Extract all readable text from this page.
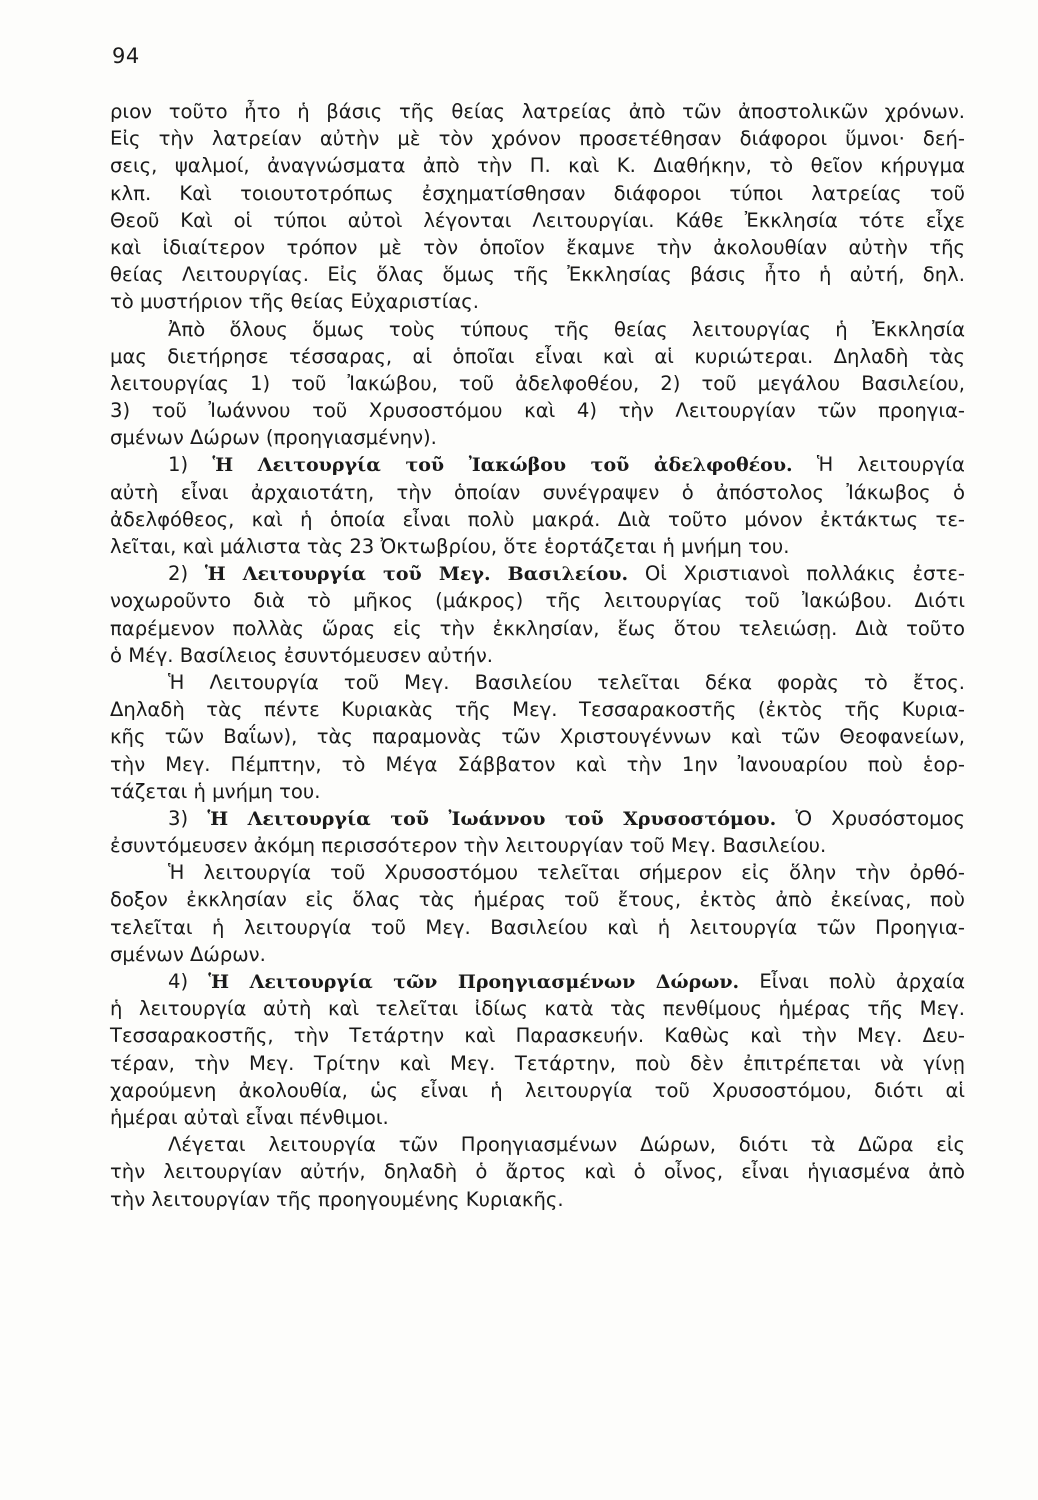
94
ριον τοῦτο ἦτο ἡ βάσις τῆς θείας λατρείας ἀπὸ τῶν ἀποστολικῶν χρόνων.
Εἰς τὴν λατρείαν αὐτὴν μὲ τὸν χρόνον προσετέθησαν διάφοροι ὕμνοι· δεή-
σεις, ψαλμοί, ἀναγνώσματα ἀπὸ τὴν Π. καὶ Κ. Διαθήκην, τὸ θεῖον κήρυγμα
κλπ. Καὶ τοιουτοτρόπως ἐσχηματίσθησαν διάφοροι τύποι λατρείας τοῦ
Θεοῦ Καὶ οἱ τύποι αὐτοὶ λέγονται Λειτουργίαι. Κάθε Ἐκκλησία τότε εἶχε
καὶ ἰδιαίτερον τρόπον μὲ τὸν ὁποῖον ἔκαμνε τὴν ἀκολουθίαν αὐτὴν τῆς
θείας Λειτουργίας. Εἰς ὅλας ὅμως τῆς Ἐκκλησίας βάσις ἦτο ἡ αὐτή, δηλ.
τὸ μυστήριον τῆς θείας Εὐχαριστίας.
Ἀπὸ ὅλους ὅμως τοὺς τύπους τῆς θείας λειτουργίας ἡ Ἐκκλησία
μας διετήρησε τέσσαρας, αἱ ὁποῖαι εἶναι καὶ αἱ κυριώτεραι. Δηλαδὴ τὰς
λειτουργίας 1) τοῦ Ἰακώβου, τοῦ ἀδελφοθέου, 2) τοῦ μεγάλου Βασιλείου,
3) τοῦ Ἰωάννου τοῦ Χρυσοστόμου καὶ 4) τὴν Λειτουργίαν τῶν προηγια-
σμένων Δώρων (προηγιασμένην).
1) Ἡ Λειτουργία τοῦ Ἰακώβου τοῦ ἀδελφοθέου. Ἡ λειτουργία
αὐτὴ εἶναι ἀρχαιοτάτη, τὴν ὁποίαν συνέγραψεν ὁ ἀπόστολος Ἰάκωβος ὁ
ἀδελφόθεος, καὶ ἡ ὁποία εἶναι πολὺ μακρά. Διὰ τοῦτο μόνον ἐκτάκτως τε-
λεῖται, καὶ μάλιστα τὰς 23 Ὀκτωβρίου, ὅτε ἑορτάζεται ἡ μνήμη του.
2) Ἡ Λειτουργία τοῦ Μεγ. Βασιλείου. Οἱ Χριστιανοὶ πολλάκις ἐστε-
νοχωροῦντο διὰ τὸ μῆκος (μάκρος) τῆς λειτουργίας τοῦ Ἰακώβου. Διότι
παρέμενον πολλὰς ὥρας εἰς τὴν ἐκκλησίαν, ἕως ὅτου τελειώσῃ. Διὰ τοῦτο
ὁ Μέγ. Βασίλειος ἐσυντόμευσεν αὐτήν.
Ἡ Λειτουργία τοῦ Μεγ. Βασιλείου τελεῖται δέκα φορὰς τὸ ἔτος.
Δηλαδὴ τὰς πέντε Κυριακὰς τῆς Μεγ. Τεσσαρακοστῆς (ἐκτὸς τῆς Κυρια-
κῆς τῶν Βαΐων), τὰς παραμονὰς τῶν Χριστουγέννων καὶ τῶν Θεοφανείων,
τὴν Μεγ. Πέμπτην, τὸ Μέγα Σάββατον καὶ τὴν 1ην Ἰανουαρίου ποὺ ἑορ-
τάζεται ἡ μνήμη του.
3) Ἡ Λειτουργία τοῦ Ἰωάννου τοῦ Χρυσοστόμου. Ὁ Χρυσόστομος
ἐσυντόμευσεν ἀκόμη περισσότερον τὴν λειτουργίαν τοῦ Μεγ. Βασιλείου.
Ἡ λειτουργία τοῦ Χρυσοστόμου τελεῖται σήμερον εἰς ὅλην τὴν ὀρθό-
δοξον ἐκκλησίαν εἰς ὅλας τὰς ἡμέρας τοῦ ἔτους, ἐκτὸς ἀπὸ ἐκείνας, ποὺ
τελεῖται ἡ λειτουργία τοῦ Μεγ. Βασιλείου καὶ ἡ λειτουργία τῶν Προηγια-
σμένων Δώρων.
4) Ἡ Λειτουργία τῶν Προηγιασμένων Δώρων. Εἶναι πολὺ ἀρχαία
ἡ λειτουργία αὐτὴ καὶ τελεῖται ἰδίως κατὰ τὰς πενθίμους ἡμέρας τῆς Μεγ.
Τεσσαρακοστῆς, τὴν Τετάρτην καὶ Παρασκευήν. Καθὼς καὶ τὴν Μεγ. Δευ-
τέραν, τὴν Μεγ. Τρίτην καὶ Μεγ. Τετάρτην, ποὺ δὲν ἐπιτρέπεται νὰ γίνῃ
χαρούμενη ἀκολουθία, ὡς εἶναι ἡ λειτουργία τοῦ Χρυσοστόμου, διότι αἱ
ἡμέραι αὐταὶ εἶναι πένθιμοι.
Λέγεται λειτουργία τῶν Προηγιασμένων Δώρων, διότι τὰ Δῶρα εἰς
τὴν λειτουργίαν αὐτήν, δηλαδὴ ὁ ἄρτος καὶ ὁ οἶνος, εἶναι ἡγιασμένα ἀπὸ
τὴν λειτουργίαν τῆς προηγουμένης Κυριακῆς.
